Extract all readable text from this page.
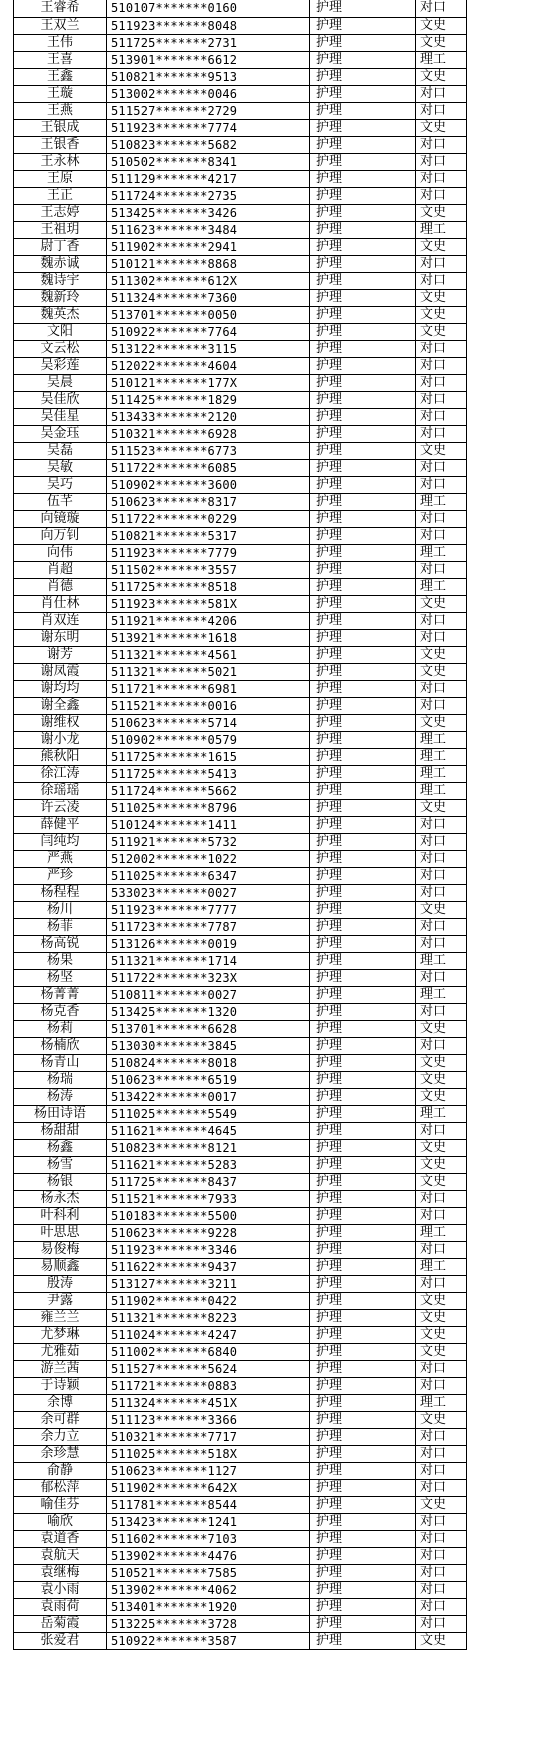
王睿希	510107*******0160	护理	对口
王双兰	511923*******8048	护理	文史
王伟	511725*******2731	护理	文史
王喜	513901*******6612	护理	理工
王鑫	510821*******9513	护理	文史
王璇	513002*******0046	护理	对口
王燕	511527*******2729	护理	对口
王银成	511923*******7774	护理	文史
王银香	510823*******5682	护理	对口
王永林	510502*******8341	护理	对口
王原	511129*******4217	护理	对口
王正	511724*******2735	护理	对口
王志婷	513425*******3426	护理	文史
王祖玥	511623*******3484	护理	理工
尉丁香	511902*******2941	护理	文史
魏赤诚	510121*******8868	护理	对口
魏诗宇	511302*******612X	护理	对口
魏新玲	511324*******7360	护理	文史
魏英杰	513701*******0050	护理	文史
文阳	510922*******7764	护理	文史
文云松	513122*******3115	护理	对口
吴彩莲	512022*******4604	护理	对口
吴晨	510121*******177X	护理	对口
吴佳欣	511425*******1829	护理	对口
吴佳星	513433*******2120	护理	对口
吴金珏	510321*******6928	护理	对口
吴磊	511523*******6773	护理	文史
吴敏	511722*******6085	护理	对口
吴巧	510902*******3600	护理	对口
伍芊	510623*******8317	护理	理工
向镜璇	511722*******0229	护理	对口
向万钊	510821*******5317	护理	对口
向伟	511923*******7779	护理	理工
肖超	511502*******3557	护理	对口
肖德	511725*******8518	护理	理工
肖仕林	511923*******581X	护理	文史
肖双连	511921*******4206	护理	对口
谢东明	513921*******1618	护理	对口
谢芳	511321*******4561	护理	文史
谢凤霞	511321*******5021	护理	文史
谢均均	511721*******6981	护理	对口
谢全鑫	511521*******0016	护理	对口
谢维权	510623*******5714	护理	文史
谢小龙	510902*******0579	护理	理工
熊秋阳	511725*******1615	护理	理工
徐江涛	511725*******5413	护理	理工
徐瑶瑶	511724*******5662	护理	理工
许云凌	511025*******8796	护理	文史
薛健平	510124*******1411	护理	对口
闫纯均	511921*******5732	护理	对口
严燕	512002*******1022	护理	对口
严珍	511025*******6347	护理	对口
杨程程	533023*******0027	护理	对口
杨川	511923*******7777	护理	文史
杨菲	511723*******7787	护理	对口
杨高锐	513126*******0019	护理	对口
杨果	511321*******1714	护理	理工
杨坚	511722*******323X	护理	对口
杨菁菁	510811*******0027	护理	理工
杨克香	513425*******1320	护理	对口
杨莉	513701*******6628	护理	文史
杨楠欣	513030*******3845	护理	对口
杨青山	510824*******8018	护理	文史
杨瑞	510623*******6519	护理	文史
杨涛	513422*******0017	护理	文史
杨田诗语	511025*******5549	护理	理工
杨甜甜	511621*******4645	护理	对口
杨鑫	510823*******8121	护理	文史
杨雪	511621*******5283	护理	文史
杨银	511725*******8437	护理	文史
杨永杰	511521*******7933	护理	对口
叶科利	510183*******5500	护理	对口
叶思思	510623*******9228	护理	理工
易俊梅	511923*******3346	护理	对口
易顺鑫	511622*******9437	护理	理工
殷涛	513127*******3211	护理	对口
尹露	511902*******0422	护理	文史
雍兰兰	511321*******8223	护理	文史
尤梦琳	511024*******4247	护理	文史
尤雅茹	511002*******6840	护理	文史
游兰茜	511527*******5624	护理	对口
于诗颖	511721*******0883	护理	对口
余博	511324*******451X	护理	理工
余可群	511123*******3366	护理	文史
余力立	510321*******7717	护理	对口
余珍慧	511025*******518X	护理	对口
俞静	510623*******1127	护理	对口
郁松萍	511902*******642X	护理	对口
喻佳芬	511781*******8544	护理	文史
喻欣	513423*******1241	护理	对口
袁道香	511602*******7103	护理	对口
袁航天	513902*******4476	护理	对口
袁继梅	510521*******7585	护理	对口
袁小雨	513902*******4062	护理	对口
袁雨荷	513401*******1920	护理	对口
岳菊霞	513225*******3728	护理	对口
张爱君	510922*******3587	护理	文史
